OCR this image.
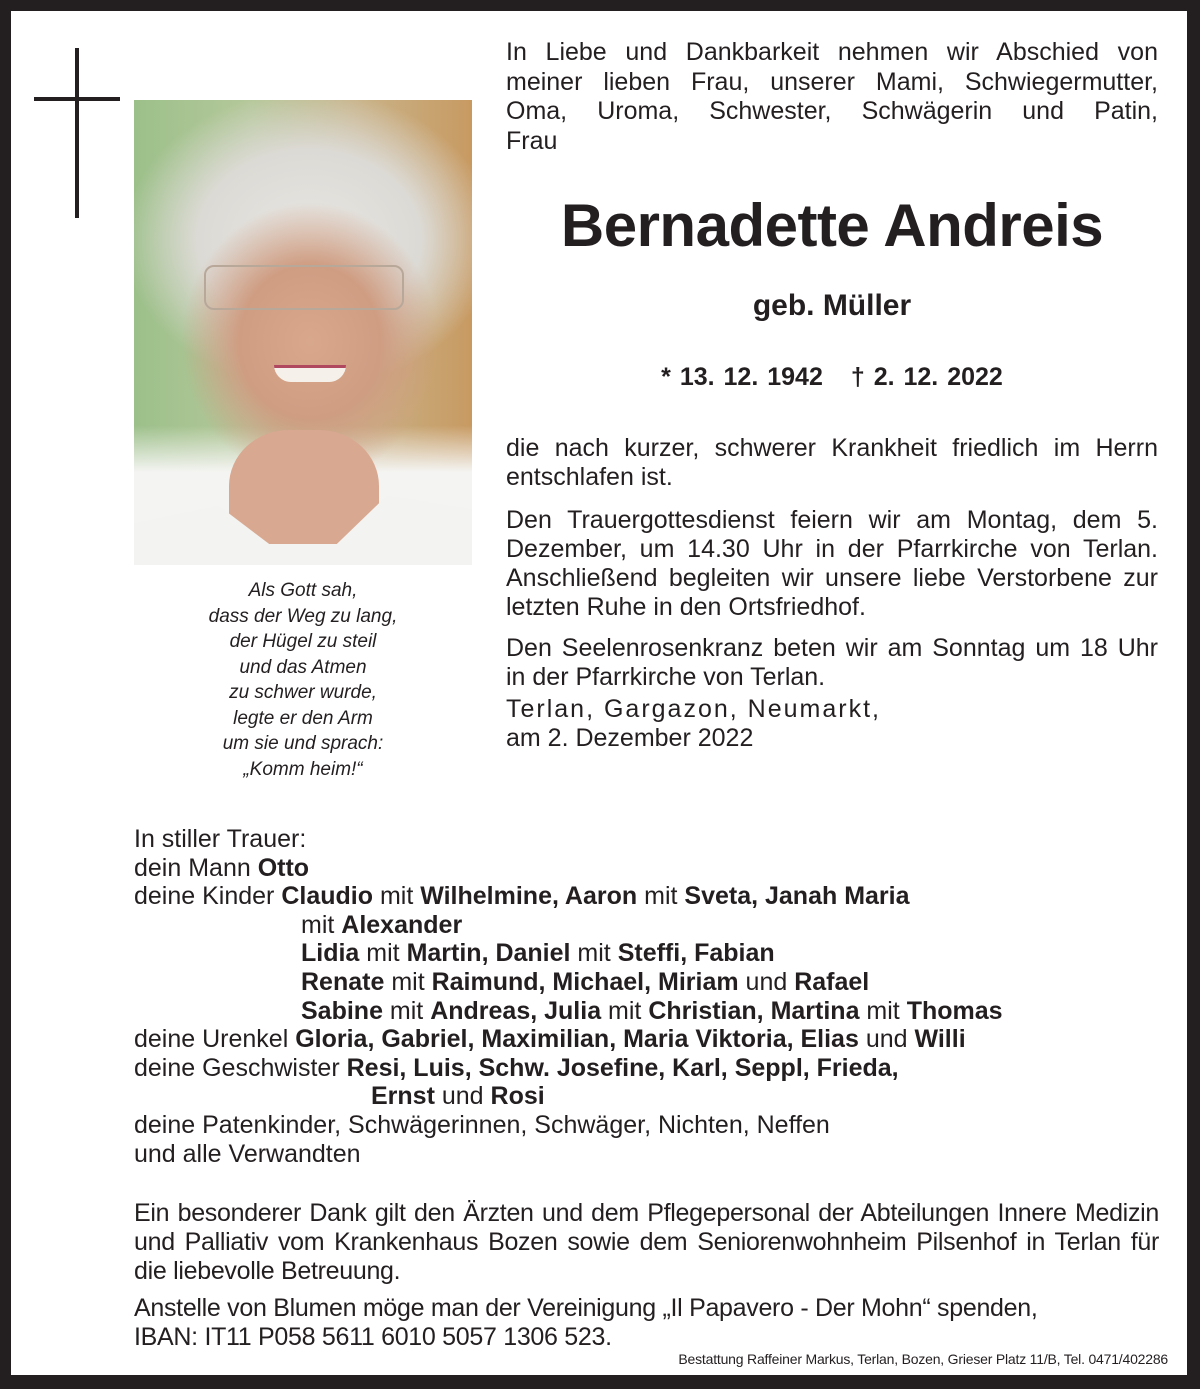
Als Gott sah,
dass der Weg zu lang,
der Hügel zu steil
und das Atmen
zu schwer wurde,
legte er den Arm
um sie und sprach:
„Komm heim!“
In Liebe und Dankbarkeit nehmen wir Abschied von
meiner lieben Frau, unserer Mami, Schwiegermutter,
Oma, Uroma, Schwester, Schwägerin und Patin,
Frau
Bernadette Andreis
geb. Müller
* 13. 12. 1942 † 2. 12. 2022
die nach kurzer, schwerer Krankheit friedlich im Herrn entschlafen ist.
Den Trauergottesdienst feiern wir am Montag, dem 5. Dezember, um 14.30 Uhr in der Pfarrkirche von Terlan. Anschließend begleiten wir unsere liebe Verstorbene zur letzten Ruhe in den Ortsfriedhof.
Den Seelenrosenkranz beten wir am Sonntag um 18 Uhr in der Pfarrkirche von Terlan.
Terlan, Gargazon, Neumarkt,
am 2. Dezember 2022
In stiller Trauer:
dein Mann Otto
deine Kinder Claudio mit Wilhelmine, Aaron mit Sveta, Janah Maria
mit Alexander
Lidia mit Martin, Daniel mit Steffi, Fabian
Renate mit Raimund, Michael, Miriam und Rafael
Sabine mit Andreas, Julia mit Christian, Martina mit Thomas
deine Urenkel Gloria, Gabriel, Maximilian, Maria Viktoria, Elias und Willi
deine Geschwister Resi, Luis, Schw. Josefine, Karl, Seppl, Frieda,
Ernst und Rosi
deine Patenkinder, Schwägerinnen, Schwäger, Nichten, Neffen
und alle Verwandten
Ein besonderer Dank gilt den Ärzten und dem Pflegepersonal der Abteilungen Innere Medizin und Palliativ vom Krankenhaus Bozen sowie dem Seniorenwohnheim Pilsenhof in Terlan für die liebevolle Betreuung.
Anstelle von Blumen möge man der Vereinigung „Il Papavero - Der Mohn“ spenden,
IBAN: IT11 P058 5611 6010 5057 1306 523.
Bestattung Raffeiner Markus, Terlan, Bozen, Grieser Platz 11/B, Tel. 0471/402286
